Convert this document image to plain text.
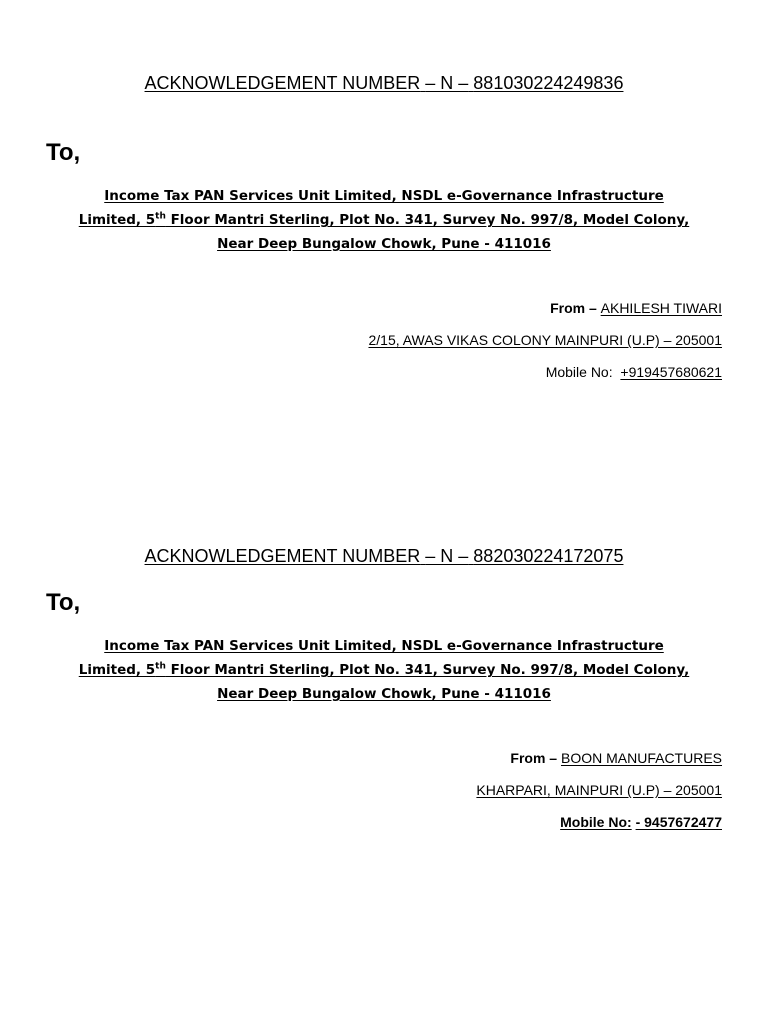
ACKNOWLEDGEMENT NUMBER – N – 881030224249836
To,
Income Tax PAN Services Unit Limited, NSDL e-Governance Infrastructure
Limited, 5th Floor Mantri Sterling, Plot No. 341, Survey No. 997/8, Model Colony,
Near Deep Bungalow Chowk, Pune - 411016
From – AKHILESH TIWARI
2/15, AWAS VIKAS COLONY MAINPURI (U.P) – 205001
Mobile No: +919457680621
ACKNOWLEDGEMENT NUMBER – N – 882030224172075
To,
Income Tax PAN Services Unit Limited, NSDL e-Governance Infrastructure
Limited, 5th Floor Mantri Sterling, Plot No. 341, Survey No. 997/8, Model Colony,
Near Deep Bungalow Chowk, Pune - 411016
From – BOON MANUFACTURES
KHARPARI, MAINPURI (U.P) – 205001
Mobile No: - 9457672477
